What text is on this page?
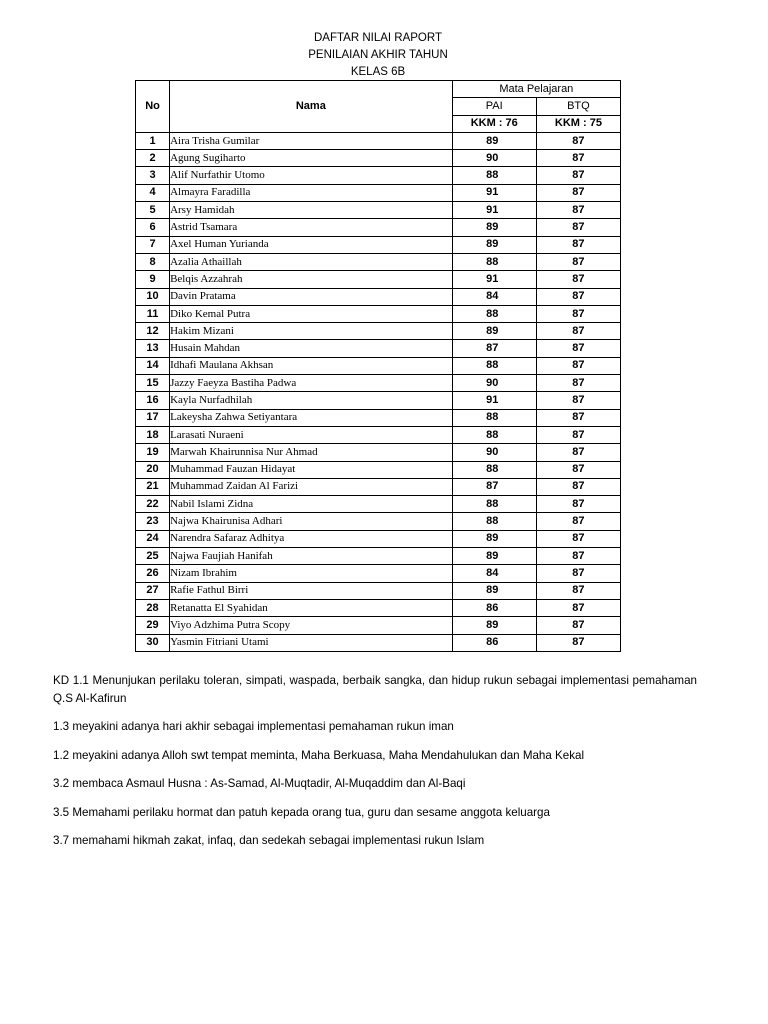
DAFTAR NILAI RAPORT
PENILAIAN AKHIR TAHUN
KELAS 6B
No	Nama	Mata Pelajaran	
		PAI	BTQ
		KKM : 76	KKM : 75
1	Aira Trisha Gumilar	89	87
2	Agung Sugiharto	90	87
3	Alif Nurfathir Utomo	88	87
4	Almayra Faradilla	91	87
5	Arsy Hamidah	91	87
6	Astrid Tsamara	89	87
7	Axel Human Yurianda	89	87
8	Azalia Athaillah	88	87
9	Belqis Azzahrah	91	87
10	Davin Pratama	84	87
11	Diko Kemal Putra	88	87
12	Hakim Mizani	89	87
13	Husain Mahdan	87	87
14	Idhafi Maulana Akhsan	88	87
15	Jazzy Faeyza Bastiha Padwa	90	87
16	Kayla Nurfadhilah	91	87
17	Lakeysha Zahwa Setiyantara	88	87
18	Larasati Nuraeni	88	87
19	Marwah Khairunnisa Nur Ahmad	90	87
20	Muhammad Fauzan Hidayat	88	87
21	Muhammad Zaidan Al Farizi	87	87
22	Nabil Islami Zidna	88	87
23	Najwa Khairunisa Adhari	88	87
24	Narendra Safaraz Adhitya	89	87
25	Najwa Faujiah Hanifah	89	87
26	Nizam Ibrahim	84	87
27	Rafie Fathul Birri	89	87
28	Retanatta El Syahidan	86	87
29	Viyo Adzhima Putra Scopy	89	87
30	Yasmin Fitriani Utami	86	87

KD 1.1 Menunjukan perilaku toleran, simpati, waspada, berbaik sangka, dan hidup rukun sebagai implementasi pemahaman Q.S Al-Kafirun

1.3 meyakini adanya hari akhir sebagai implementasi pemahaman rukun iman

1.2 meyakini adanya Alloh swt tempat meminta, Maha Berkuasa, Maha Mendahulukan dan Maha Kekal

3.2 membaca Asmaul Husna : As-Samad, Al-Muqtadir, Al-Muqaddim dan Al-Baqi

3.5 Memahami perilaku hormat dan patuh kepada orang tua, guru dan sesame anggota keluarga

3.7 memahami hikmah zakat, infaq, dan sedekah sebagai implementasi rukun Islam
